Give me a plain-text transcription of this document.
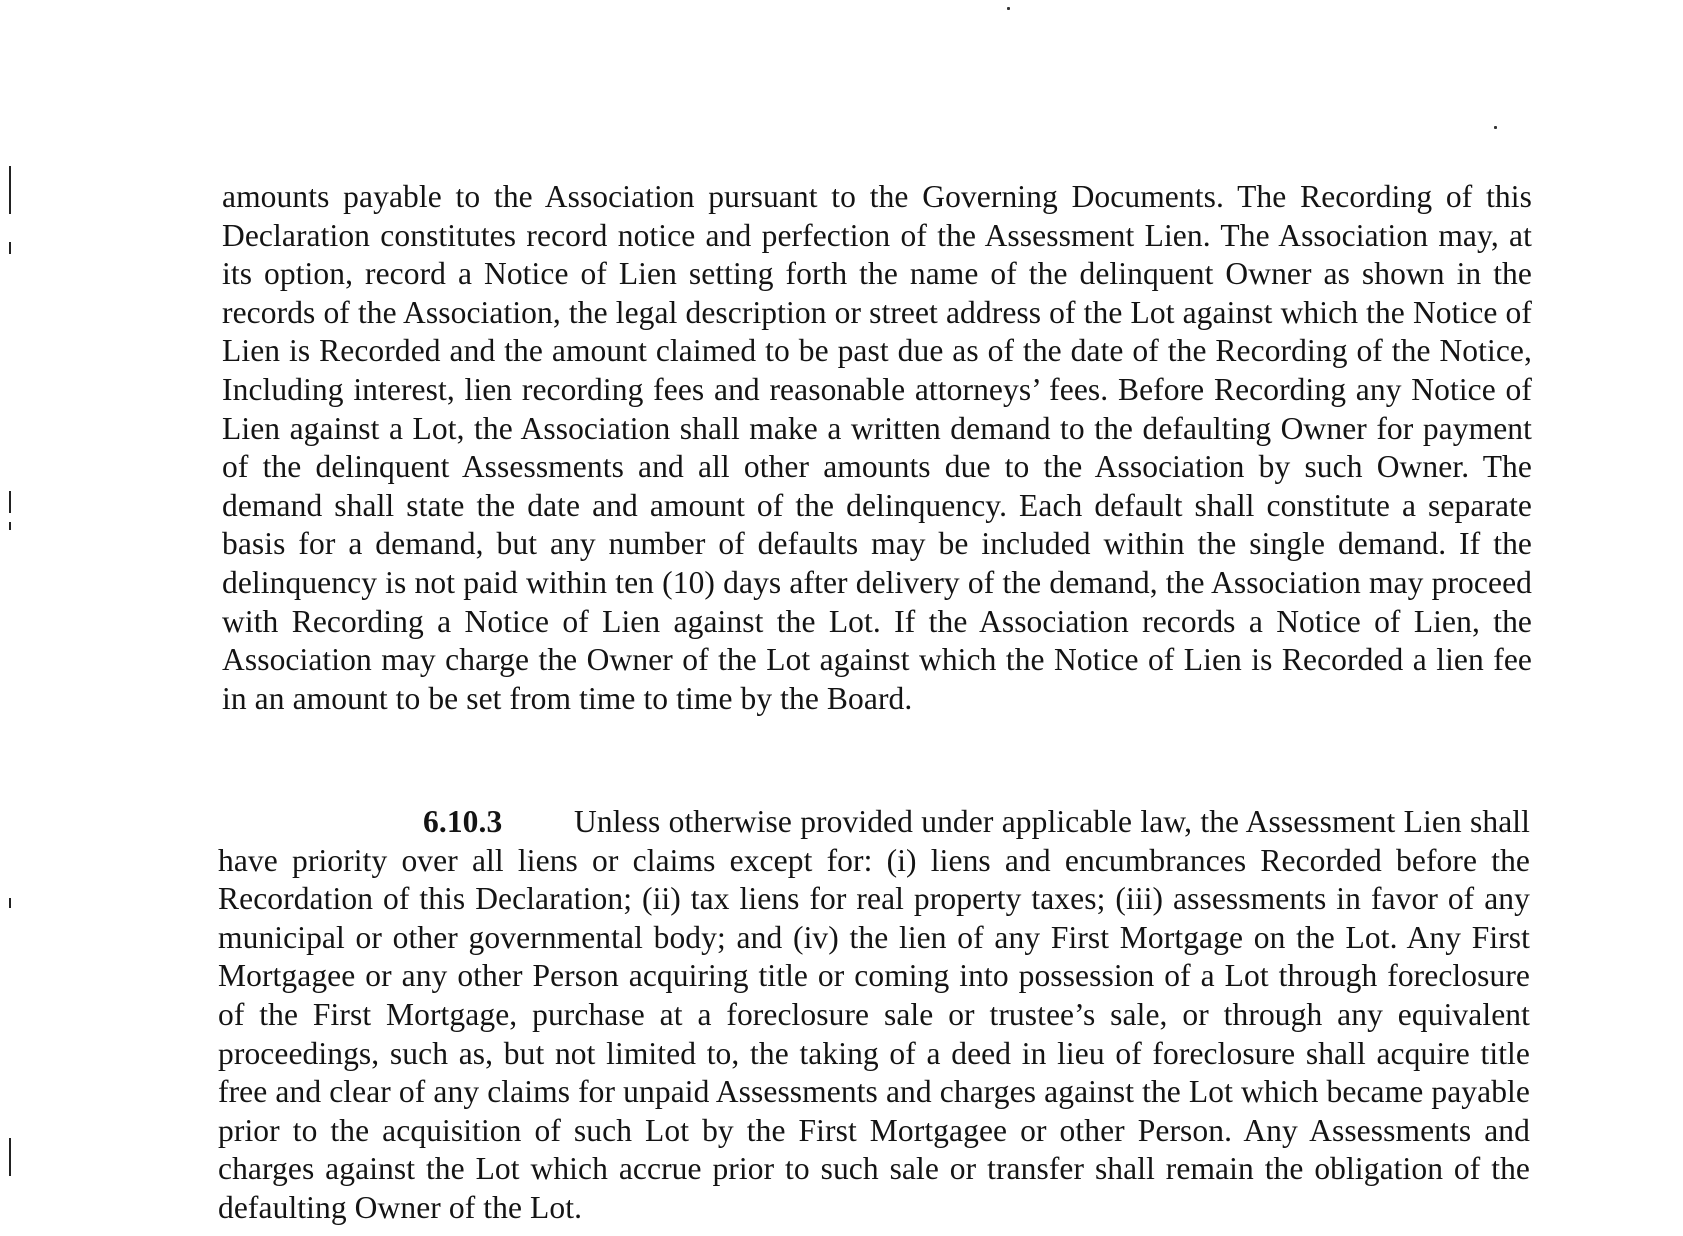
amounts payable to the Association pursuant to the Governing Documents. The Recording of this Declaration constitutes record notice and perfection of the Assessment Lien. The Association may, at its option, record a Notice of Lien setting forth the name of the delinquent Owner as shown in the records of the Association, the legal description or street address of the Lot against which the Notice of Lien is Recorded and the amount claimed to be past due as of the date of the Recording of the Notice, Including interest, lien recording fees and reasonable attorneys’ fees. Before Recording any Notice of Lien against a Lot, the Association shall make a written demand to the defaulting Owner for payment of the delinquent Assessments and all other amounts due to the Association by such Owner. The demand shall state the date and amount of the delinquency. Each default shall constitute a separate basis for a demand, but any number of defaults may be included within the single demand. If the delinquency is not paid within ten (10) days after delivery of the demand, the Association may proceed with Recording a Notice of Lien against the Lot. If the Association records a Notice of Lien, the Association may charge the Owner of the Lot against which the Notice of Lien is Recorded a lien fee in an amount to be set from time to time by the Board.
6.10.3 Unless otherwise provided under applicable law, the Assessment Lien shall have priority over all liens or claims except for: (i) liens and encumbrances Recorded before the Recordation of this Declaration; (ii) tax liens for real property taxes; (iii) assessments in favor of any municipal or other governmental body; and (iv) the lien of any First Mortgage on the Lot. Any First Mortgagee or any other Person acquiring title or coming into possession of a Lot through foreclosure of the First Mortgage, purchase at a foreclosure sale or trustee’s sale, or through any equivalent proceedings, such as, but not limited to, the taking of a deed in lieu of foreclosure shall acquire title free and clear of any claims for unpaid Assessments and charges against the Lot which became payable prior to the acquisition of such Lot by the First Mortgagee or other Person. Any Assessments and charges against the Lot which accrue prior to such sale or transfer shall remain the obligation of the defaulting Owner of the Lot.
